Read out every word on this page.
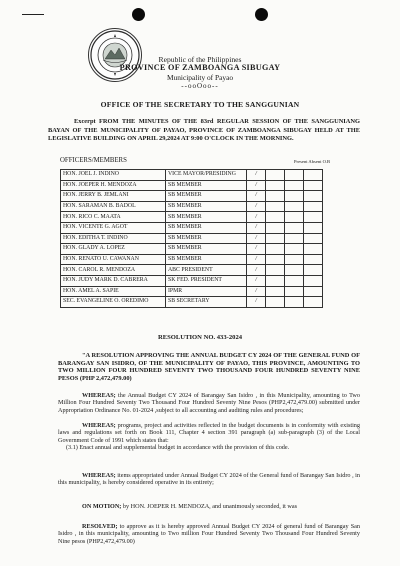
Republic of the Philippines
PROVINCE OF ZAMBOANGA SIBUGAY
Municipality of Payao
--ooOoo--
OFFICE OF THE SECRETARY TO THE SANGGUNIAN
Excerpt FROM THE MINUTES OF THE 83rd REGULAR SESSION OF THE SANGGUNIANG BAYAN OF THE MUNICIPALITY OF PAYAO, PROVINCE OF ZAMBOANGA SIBUGAY HELD AT THE LEGISLATIVE BUILDING ON APRIL 29,2024 AT 9:00 O'CLOCK IN THE MORNING.
OFFICERS/MEMBERS	Present Absent O.B
HON. JOEL J. INDINO	VICE MAYOR/PRESIDING	/			
HON. JOEPER H. MENDOZA	SB MEMBER	/			
HON. JERRY B. JEMLANI	SB MEMBER	/			
HON. SARAMAN B. BADOL	SB MEMBER	/			
HON. RICO C. MAATA	SB MEMBER	/			
HON. VICENTE G. AGOT	SB MEMBER	/			
HON. EDITHA T. INDINO	SB MEMBER	/			
HON. GLADY A. LOPEZ	SB MEMBER	/			
HON. RENATO U. CAWANAN	SB MEMBER	/			
HON. CAROL R. MENDOZA	ABC PRESIDENT	/			
HON. JUDY MARK D. CABRERA	SK FED. PRESIDENT	/			
HON. AMEL A. SAPIE	IPMR	/			
SEC. EVANGELINE O. OREDIMO	SB SECRETARY	/			
RESOLUTION NO. 433-2024
"A RESOLUTION APPROVING THE ANNUAL BUDGET CY 2024 OF THE GENERAL FUND OF BARANGAY SAN ISIDRO, OF THE MUNICIPALITY OF PAYAO, THIS PROVINCE, AMOUNTING TO TWO MILLION FOUR HUNDRED SEVENTY TWO THOUSAND FOUR HUNDRED SEVENTY NINE PESOS (PHP 2,472,479.00)
WHEREAS; the Annual Budget CY 2024 of Barangay San Isidro , in this Municipality, amounting to Two Million Four Hundred Seventy Two Thousand Four Hundred Seventy Nine Pesos (PHP2,472,479.00) submitted under Appropriation Ordinance No. 01-2024 ,subject to all accounting and auditing rules and procedures;
WHEREAS; programs, project and activities reflected in the budget documents is in conformity with existing laws and regulations set forth on Book 111, Chapter 4 section 391 paragraph (a) sub-paragraph (3) of the Local Government Code of 1991 which states that:
(3.1) Enact annual and supplemental budget in accordance with the provision of this code.
WHEREAS; items appropriated under Annual Budget CY 2024 of the General fund of Barangay San Isidro , in this municipality, is hereby considered operative in its entirety;
ON MOTION; by HON. JOEPER H. MENDOZA, and unanimously seconded, it was
RESOLVED; to approve as it is hereby approved Annual Budget CY 2024 of general fund of Barangay San Isidro , in this municipality, amounting to Two million Four Hundred Seventy Two Thousand Four Hundred Seventy Nine pesos (PHP2,472,479.00)
